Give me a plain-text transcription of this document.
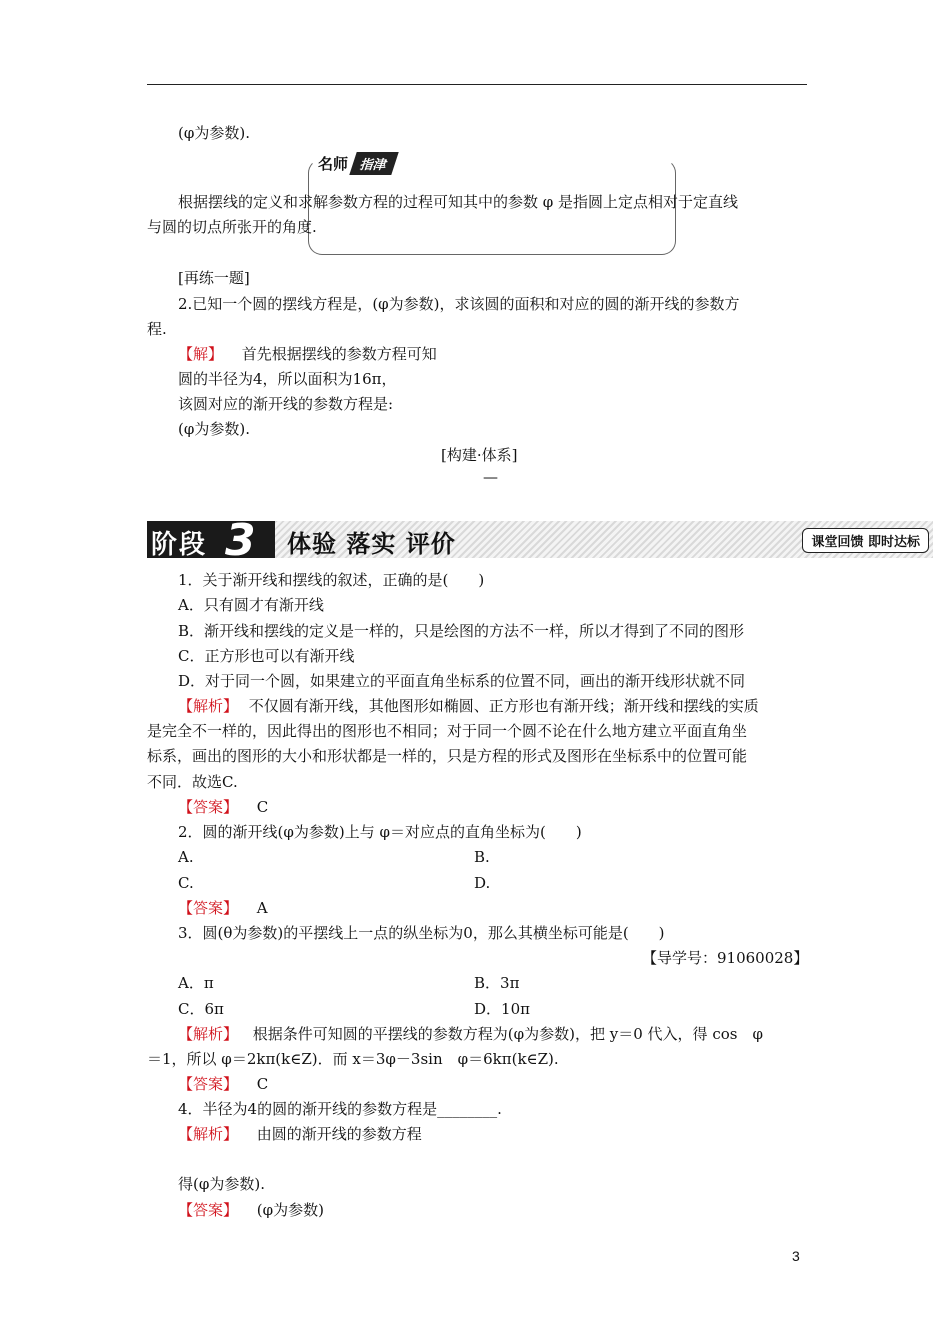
(φ为参数).
名师 指津
根据摆线的定义和求解参数方程的过程可知其中的参数 φ 是指圆上定点相对于定直线
与圆的切点所张开的角度.
[再练一题]
2.已知一个圆的摆线方程是，(φ为参数)，求该圆的面积和对应的圆的渐开线的参数方
程.
【解】 首先根据摆线的参数方程可知
圆的半径为4，所以面积为16π，
该圆对应的渐开线的参数方程是:
(φ为参数).
[构建·体系]
—
阶段 3 体验 落实 评价	课堂回馈 即时达标
1．关于渐开线和摆线的叙述，正确的是(　　)
A．只有圆才有渐开线
B．渐开线和摆线的定义是一样的，只是绘图的方法不一样，所以才得到了不同的图形
C．正方形也可以有渐开线
D．对于同一个圆，如果建立的平面直角坐标系的位置不同，画出的渐开线形状就不同
【解析】 不仅圆有渐开线，其他图形如椭圆、正方形也有渐开线；渐开线和摆线的实质
是完全不一样的，因此得出的图形也不相同；对于同一个圆不论在什么地方建立平面直角坐
标系，画出的图形的大小和形状都是一样的，只是方程的形式及图形在坐标系中的位置可能
不同．故选C.
【答案】 C
2．圆的渐开线(φ为参数)上与 φ＝对应点的直角坐标为(　　)
A.	B.
C.	D.
【答案】 A
3．圆(θ为参数)的平摆线上一点的纵坐标为0，那么其横坐标可能是(　　)
【导学号：91060028】
A．π	B．3π
C．6π	D．10π
【解析】 根据条件可知圆的平摆线的参数方程为(φ为参数)，把 y＝0 代入，得 cos　φ
＝1，所以 φ＝2kπ(k∈Z)．而 x＝3φ－3sin　φ＝6kπ(k∈Z).
【答案】 C
4．半径为4的圆的渐开线的参数方程是________.
【解析】 由圆的渐开线的参数方程
得(φ为参数).
【答案】 (φ为参数)
3
